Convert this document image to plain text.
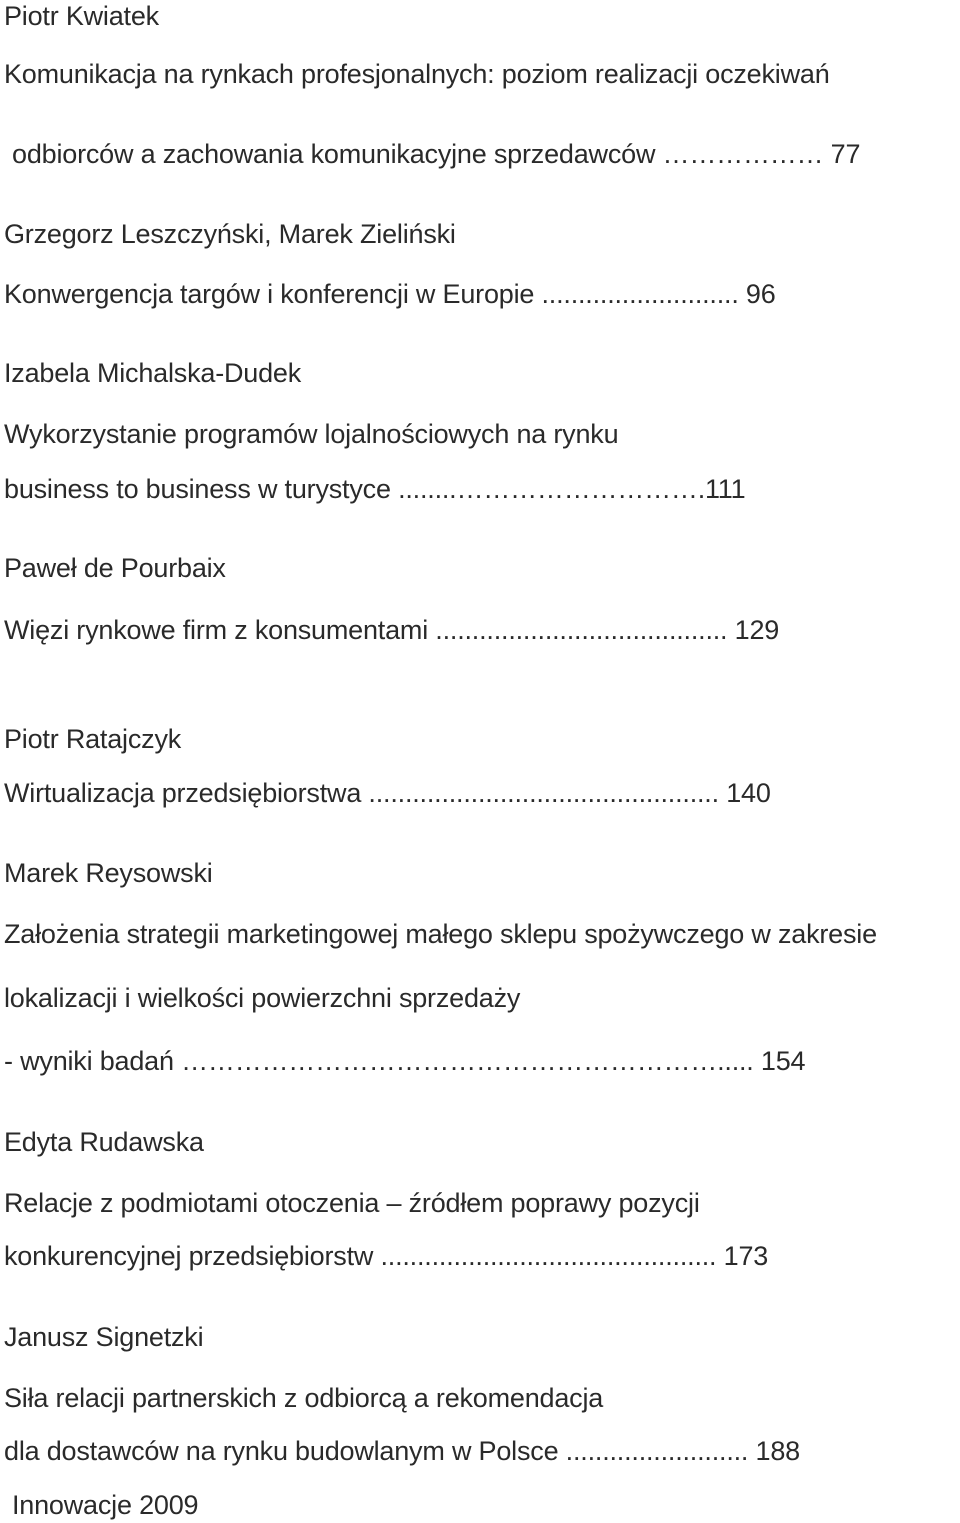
Piotr Kwiatek
Komunikacja na rynkach profesjonalnych: poziom realizacji oczekiwań
odbiorców a zachowania komunikacyjne sprzedawców ……………… 77
Grzegorz Leszczyński, Marek Zieliński
Konwergencja targów i konferencji w Europie ........................... 96
Izabela Michalska-Dudek
Wykorzystanie programów lojalnościowych na rynku
business to business w turystyce ........……………………….111
Paweł de Pourbaix
Więzi rynkowe firm z konsumentami ........................................ 129
Piotr Ratajczyk
Wirtualizacja przedsiębiorstwa ................................................ 140
Marek Reysowski
Założenia strategii marketingowej małego sklepu spożywczego w zakresie
lokalizacji i wielkości powierzchni sprzedaży
- wyniki badań ……………………………………………………..... 154
Edyta Rudawska
Relacje z podmiotami otoczenia – źródłem poprawy pozycji
konkurencyjnej przedsiębiorstw .............................................. 173
Janusz Signetzki
Siła relacji partnerskich z odbiorcą a rekomendacja
dla dostawców na rynku budowlanym w Polsce ......................... 188
Innowacje 2009
